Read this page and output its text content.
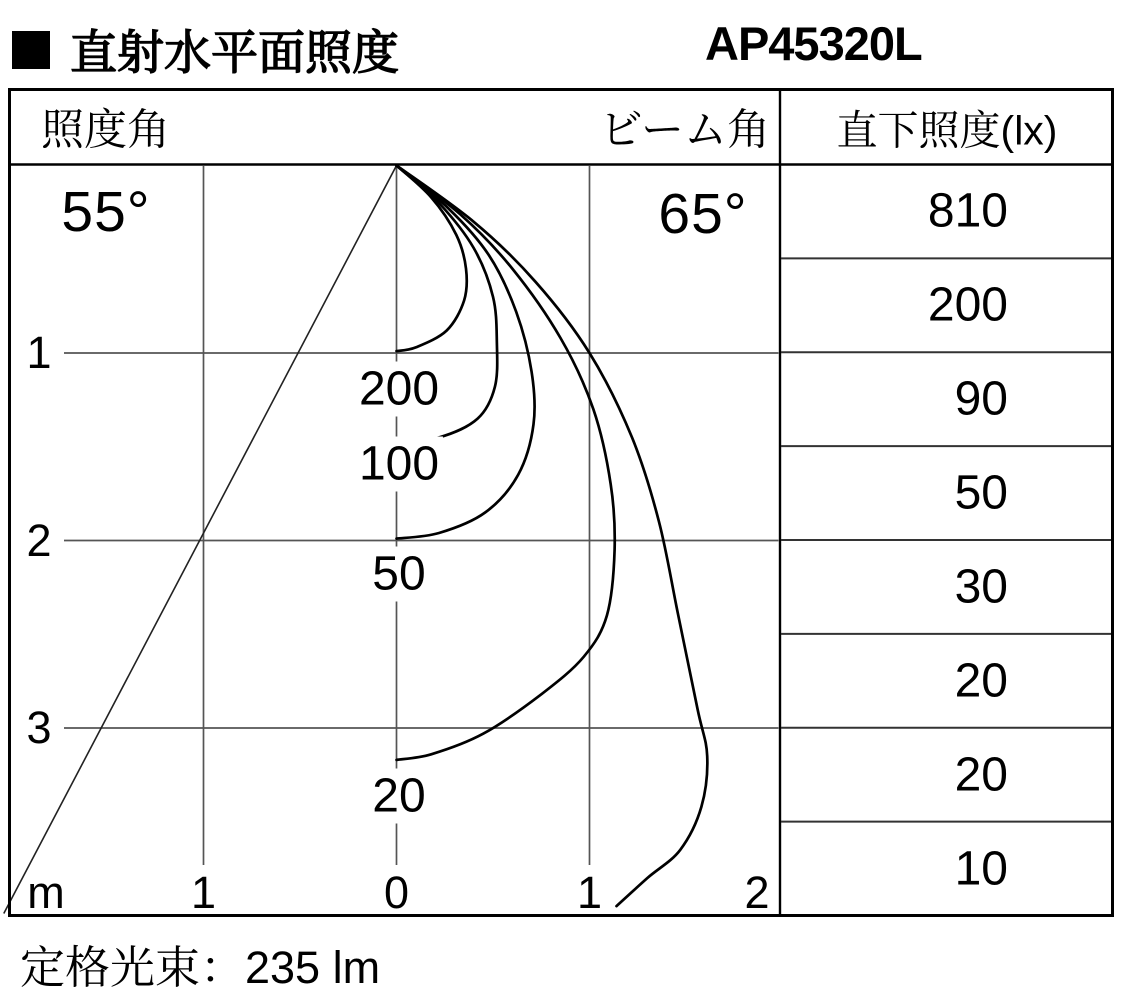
直射水平面照度	AP45320L
照度角	ビーム角 直下照度(lx)
55°	65°
1
2
3
m	1	0	1	2
200
100
50
20
810
200
90
50
30
20
20
10
定格光束：235 lm
